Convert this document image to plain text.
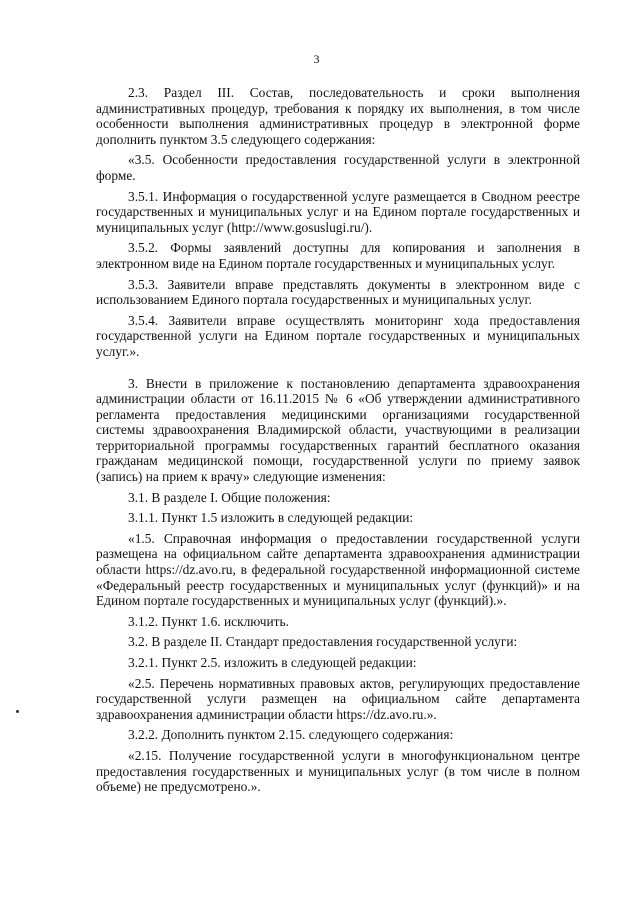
3

2.3. Раздел III. Состав, последовательность и сроки выполнения административных процедур, требования к порядку их выполнения, в том числе особенности выполнения административных процедур в электронной форме дополнить пунктом 3.5 следующего содержания:

«3.5. Особенности предоставления государственной услуги в электронной форме.

3.5.1. Информация о государственной услуге размещается в Сводном реестре государственных и муниципальных услуг и на Едином портале государственных и муниципальных услуг (http://www.gosuslugi.ru/).

3.5.2. Формы заявлений доступны для копирования и заполнения в электронном виде на Едином портале государственных и муниципальных услуг.

3.5.3. Заявители вправе представлять документы в электронном виде с использованием Единого портала государственных и муниципальных услуг.

3.5.4. Заявители вправе осуществлять мониторинг хода предоставления государственной услуги на Едином портале государственных и муниципальных услуг.».

3. Внести в приложение к постановлению департамента здравоохранения администрации области от 16.11.2015 № 6 «Об утверждении административного регламента предоставления медицинскими организациями государственной системы здравоохранения Владимирской области, участвующими в реализации территориальной программы государственных гарантий бесплатного оказания гражданам медицинской помощи, государственной услуги по приему заявок (запись) на прием к врачу» следующие изменения:

3.1. В разделе I. Общие положения:

3.1.1. Пункт 1.5 изложить в следующей редакции:

«1.5. Справочная информация о предоставлении государственной услуги размещена на официальном сайте департамента здравоохранения администрации области https://dz.avo.ru, в федеральной государственной информационной системе «Федеральный реестр государственных и муниципальных услуг (функций)» и на Едином портале государственных и муниципальных услуг (функций).».

3.1.2. Пункт 1.6. исключить.

3.2. В разделе II. Стандарт предоставления государственной услуги:

3.2.1. Пункт 2.5. изложить в следующей редакции:

«2.5. Перечень нормативных правовых актов, регулирующих предоставление государственной услуги размещен на официальном сайте департамента здравоохранения администрации области https://dz.avo.ru.».

3.2.2. Дополнить пунктом 2.15. следующего содержания:

«2.15. Получение государственной услуги в многофункциональном центре предоставления государственных и муниципальных услуг (в том числе в полном объеме) не предусмотрено.».
